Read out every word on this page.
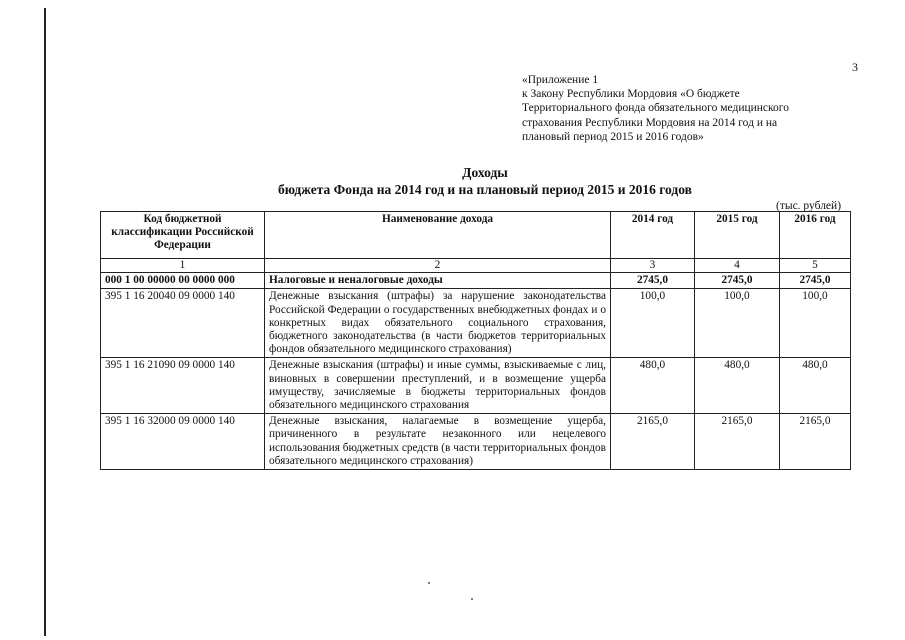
3
«Приложение 1
к Закону Республики Мордовия «О бюджете
Территориального фонда обязательного медицинского
страхования Республики Мордовия на 2014 год и на
плановый период 2015 и 2016 годов»
Доходы
бюджета Фонда на 2014 год и на плановый период 2015 и 2016 годов
(тыс. рублей)
Код бюджетной классификации Российской Федерации	Наименование дохода	2014 год	2015 год	2016 год
1	2	3	4	5
000 1 00 00000 00 0000 000	Налоговые и неналоговые доходы	2745,0	2745,0	2745,0
395 1 16 20040 09 0000 140	Денежные взыскания (штрафы) за нарушение законодательства Российской Федерации о государственных внебюджетных фондах и о конкретных видах обязательного социального страхования, бюджетного законодательства (в части бюджетов территориальных фондов обязательного медицинского страхования)	100,0	100,0	100,0
395 1 16 21090 09 0000 140	Денежные взыскания (штрафы) и иные суммы, взыскиваемые с лиц, виновных в совершении преступлений, и в возмещение ущерба имуществу, зачисляемые в бюджеты территориальных фондов обязательного медицинского страхования	480,0	480,0	480,0
395 1 16 32000 09 0000 140	Денежные взыскания, налагаемые в возмещение ущерба, причиненного в результате незаконного или нецелевого использования бюджетных средств (в части территориальных фондов обязательного медицинского страхования)	2165,0	2165,0	2165,0
